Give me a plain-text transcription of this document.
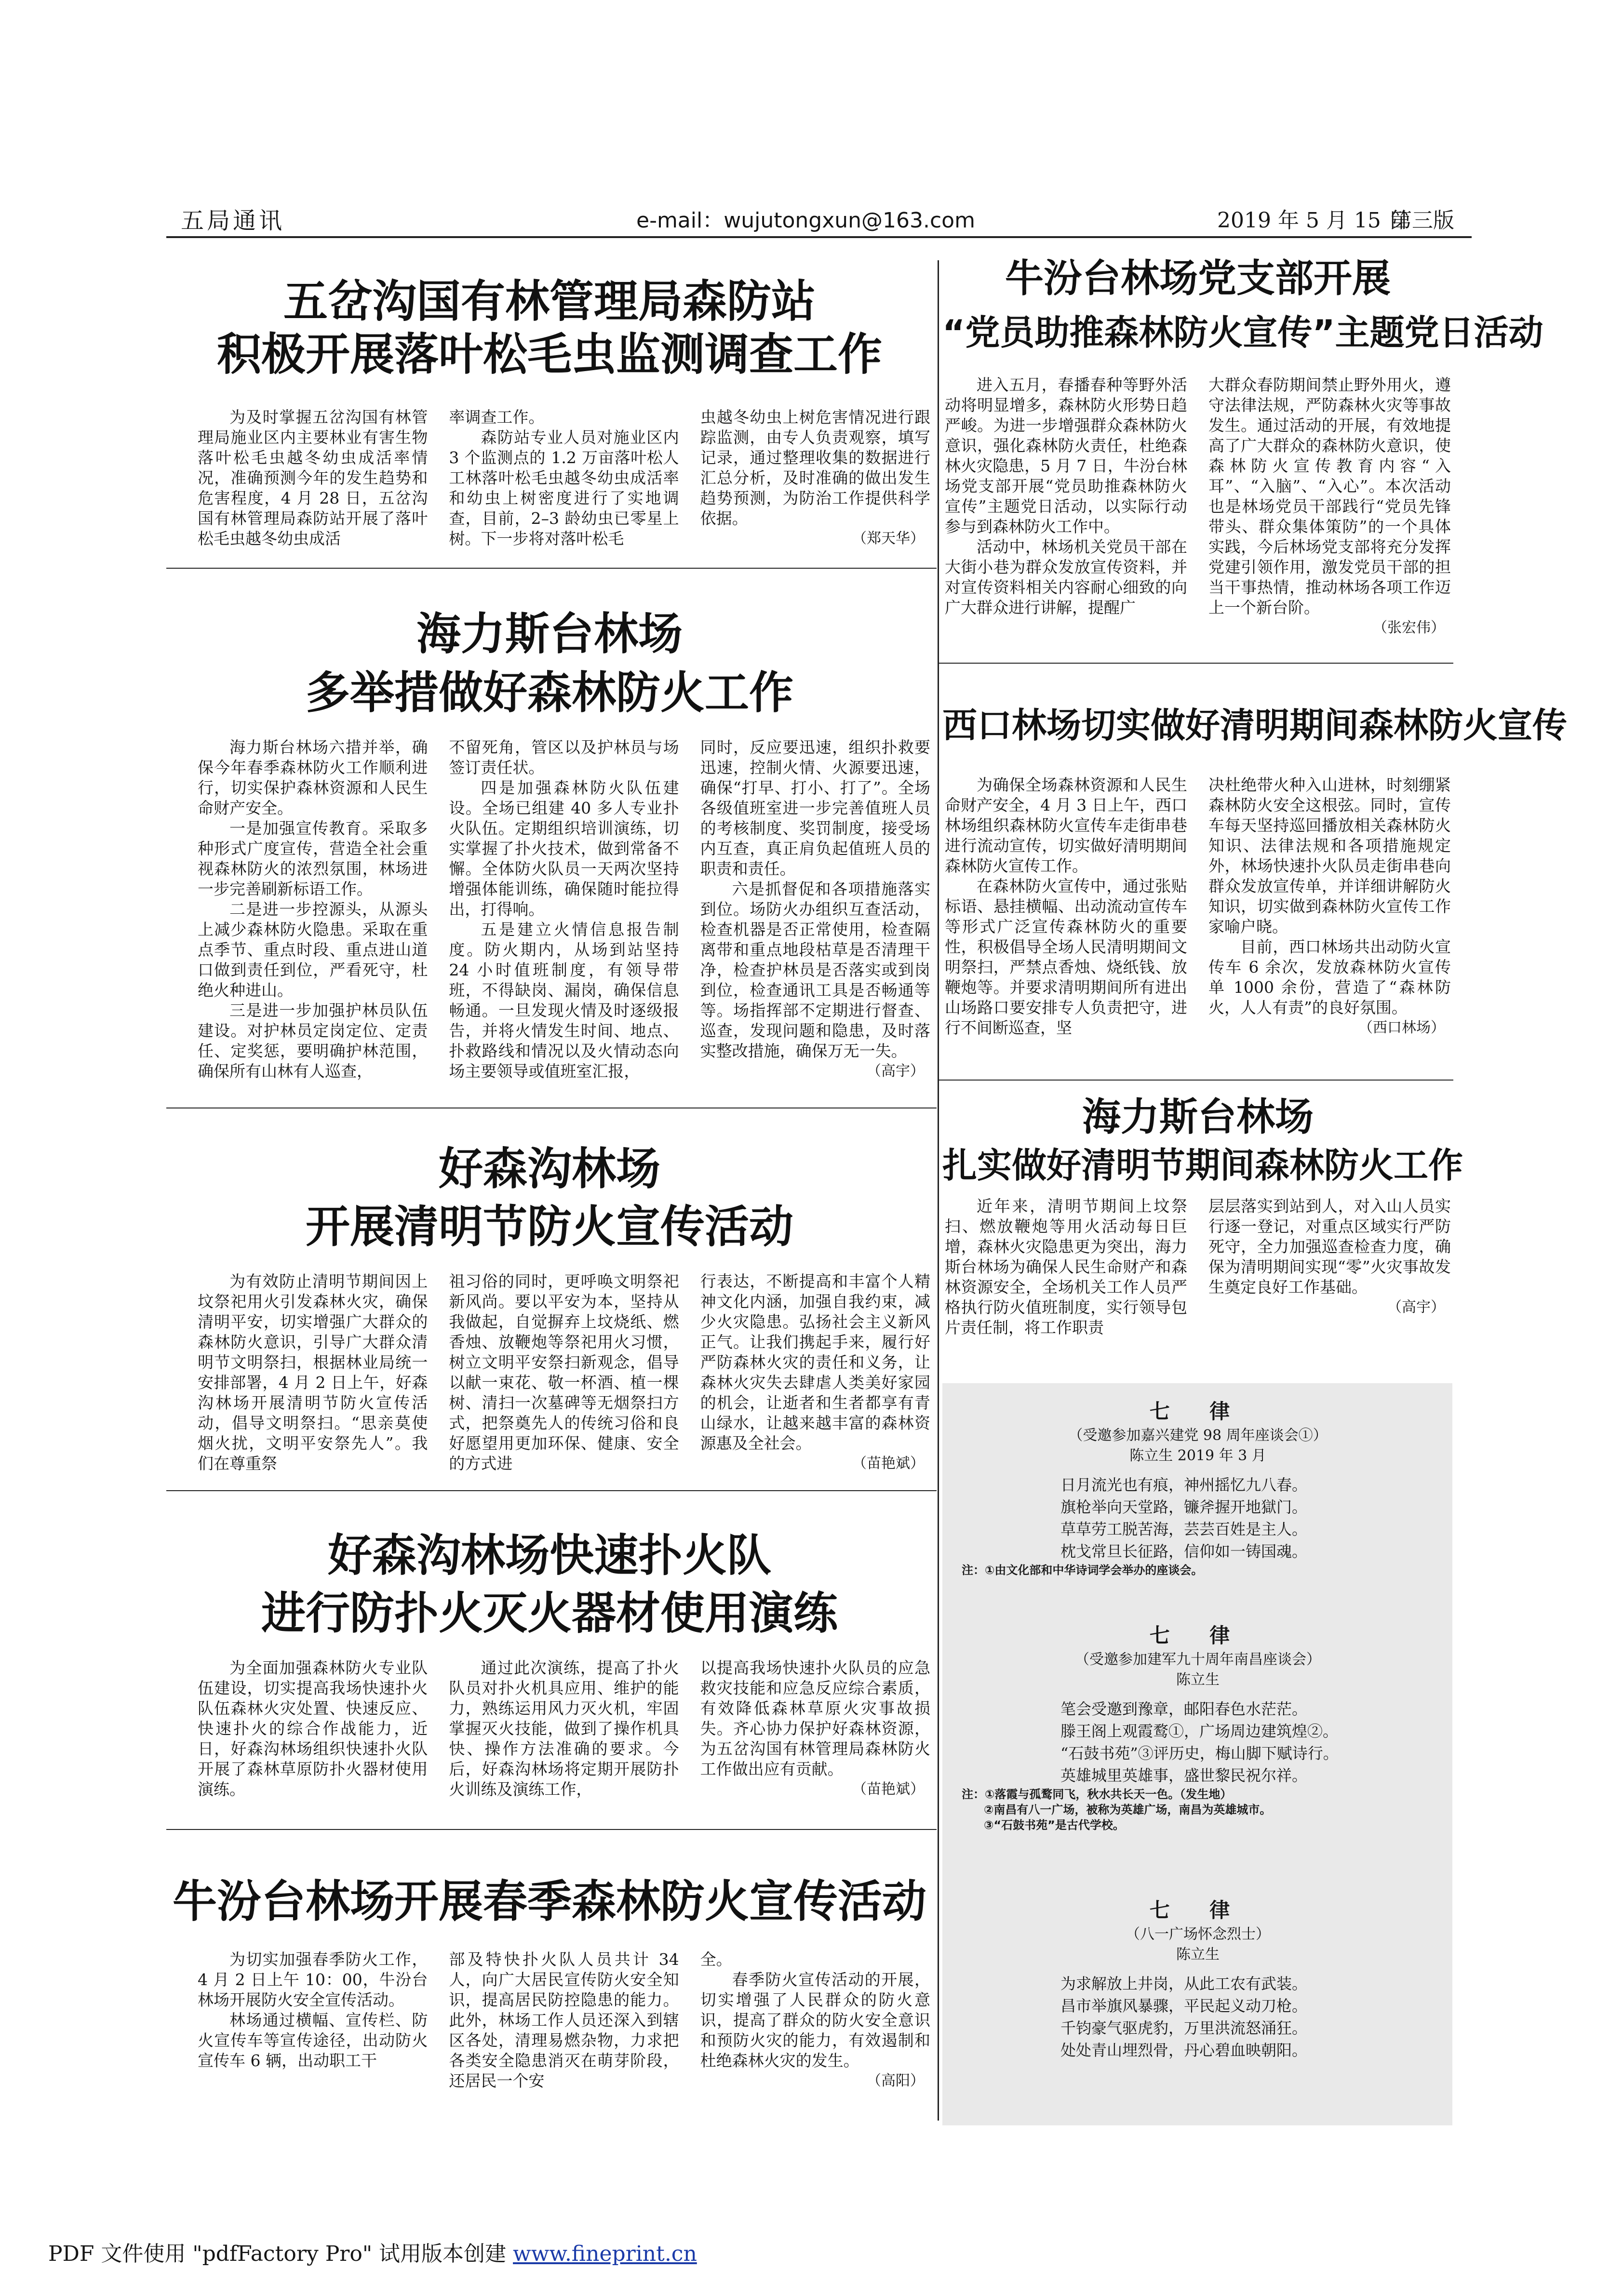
五局通讯	e-mail：wujutongxun@163.com	2019 年 5 月 15 日
第三版
五岔沟国有林管理局森防站
积极开展落叶松毛虫监测调查工作

为及时掌握五岔沟国有林管理局施业区内主要林业有害生物落叶松毛虫越冬幼虫成活率情况，准确预测今年的发生趋势和危害程度，4 月 28 日，五岔沟国有林管理局森防站开展了落叶松毛虫越冬幼虫成活

率调查工作。

森防站专业人员对施业区内 3 个监测点的 1.2 万亩落叶松人工林落叶松毛虫越冬幼虫成活率和幼虫上树密度进行了实地调查，目前，2–3 龄幼虫已零星上树。下一步将对落叶松毛

虫越冬幼虫上树危害情况进行跟踪监测，由专人负责观察，填写记录，通过整理收集的数据进行汇总分析，及时准确的做出发生趋势预测，为防治工作提供科学依据。
（郑天华）
海力斯台林场
多举措做好森林防火工作

海力斯台林场六措并举，确保今年春季森林防火工作顺利进行，切实保护森林资源和人民生命财产安全。

一是加强宣传教育。采取多种形式广度宣传，营造全社会重视森林防火的浓烈氛围，林场进一步完善刷新标语工作。

二是进一步控源头，从源头上减少森林防火隐患。采取在重点季节、重点时段、重点进山道口做到责任到位，严看死守，杜绝火种进山。

三是进一步加强护林员队伍建设。对护林员定岗定位、定责任、定奖惩，要明确护林范围，确保所有山林有人巡查，

不留死角，管区以及护林员与场签订责任状。

四是加强森林防火队伍建设。全场已组建 40 多人专业扑火队伍。定期组织培训演练，切实掌握了扑火技术，做到常备不懈。全体防火队员一天两次坚持增强体能训练，确保随时能拉得出，打得响。

五是建立火情信息报告制度。防火期内，从场到站坚持 24 小时值班制度，有领导带班，不得缺岗、漏岗，确保信息畅通。一旦发现火情及时逐级报告，并将火情发生时间、地点、扑救路线和情况以及火情动态向场主要领导或值班室汇报，

同时，反应要迅速，组织扑救要迅速，控制火情、火源要迅速，确保“打早、打小、打了”。全场各级值班室进一步完善值班人员的考核制度、奖罚制度，接受场内互查，真正肩负起值班人员的职责和责任。

六是抓督促和各项措施落实到位。场防火办组织互查活动，检查机器是否正常使用，检查隔离带和重点地段枯草是否清理干净，检查护林员是否落实或到岗到位，检查通讯工具是否畅通等等。场指挥部不定期进行督查、巡查，发现问题和隐患，及时落实整改措施，确保万无一失。

（高宇）
好森沟林场
开展清明节防火宣传活动

为有效防止清明节期间因上坟祭祀用火引发森林火灾，确保清明平安，切实增强广大群众的森林防火意识，引导广大群众清明节文明祭扫，根据林业局统一安排部署，4 月 2 日上午，好森沟林场开展清明节防火宣传活动，倡导文明祭扫。“思亲莫使烟火扰，文明平安祭先人”。我们在尊重祭

祖习俗的同时，更呼唤文明祭祀新风尚。要以平安为本，坚持从我做起，自觉摒弃上坟烧纸、燃香烛、放鞭炮等祭祀用火习惯，树立文明平安祭扫新观念，倡导以献一束花、敬一杯酒、植一棵树、清扫一次墓碑等无烟祭扫方式，把祭奠先人的传统习俗和良好愿望用更加环保、健康、安全的方式进
行表达，不断提高和丰富个人精神文化内涵，加强自我约束，减少火灾隐患。弘扬社会主义新风正气。让我们携起手来，履行好严防森林火灾的责任和义务，让森林火灾失去肆虐人类美好家园的机会，让逝者和生者都享有青山绿水，让越来越丰富的森林资源惠及全社会。
（苗艳斌）
好森沟林场快速扑火队
进行防扑火灭火器材使用演练

为全面加强森林防火专业队伍建设，切实提高我场快速扑火队伍森林火灾处置、快速反应、快速扑火的综合作战能力，近日，好森沟林场组织快速扑火队开展了森林草原防扑火器材使用演练。

通过此次演练，提高了扑火队员对扑火机具应用、维护的能力，熟练运用风力灭火机，牢固掌握灭火技能，做到了操作机具快、操作方法准确的要求。今后，好森沟林场将定期开展防扑火训练及演练工作，

以提高我场快速扑火队员的应急救灾技能和应急反应综合素质，有效降低森林草原火灾事故损失。齐心协力保护好森林资源，为五岔沟国有林管理局森林防火工作做出应有贡献。
（苗艳斌）
牛汾台林场开展春季森林防火宣传活动

为切实加强春季防火工作，4 月 2 日上午 10：00，牛汾台林场开展防火安全宣传活动。

林场通过横幅、宣传栏、防火宣传车等宣传途径，出动防火宣传车 6 辆，出动职工干

部及特快扑火队人员共计 34 人，向广大居民宣传防火安全知识，提高居民防控隐患的能力。此外，林场工作人员还深入到辖区各处，清理易燃杂物，力求把各类安全隐患消灭在萌芽阶段，还居民一个安
全。

春季防火宣传活动的开展，切实增强了人民群众的防火意识，提高了群众的防火安全意识和预防火灾的能力，有效遏制和杜绝森林火灾的发生。

（高阳）
牛汾台林场党支部开展
“党员助推森林防火宣传”主题党日活动

进入五月，春播春种等野外活动将明显增多，森林防火形势日趋严峻。为进一步增强群众森林防火意识，强化森林防火责任，杜绝森林火灾隐患，5 月 7 日，牛汾台林场党支部开展“党员助推森林防火宣传”主题党日活动，以实际行动参与到森林防火工作中。

活动中，林场机关党员干部在大街小巷为群众发放宣传资料，并对宣传资料相关内容耐心细致的向广大群众进行讲解，提醒广

大群众春防期间禁止野外用火，遵守法律法规，严防森林火灾等事故发生。通过活动的开展，有效地提高了广大群众的森林防火意识，使森林防火宣传教育内容“入耳”、“入脑”、“入心”。本次活动也是林场党员干部践行“党员先锋带头、群众集体策防”的一个具体实践，今后林场党支部将充分发挥党建引领作用，激发党员干部的担当干事热情，推动林场各项工作迈上一个新台阶。
（张宏伟）
西口林场切实做好清明期间森林防火宣传

为确保全场森林资源和人民生命财产安全，4 月 3 日上午，西口林场组织森林防火宣传车走街串巷进行流动宣传，切实做好清明期间森林防火宣传工作。

在森林防火宣传中，通过张贴标语、悬挂横幅、出动流动宣传车等形式广泛宣传森林防火的重要性，积极倡导全场人民清明期间文明祭扫，严禁点香烛、烧纸钱、放鞭炮等。并要求清明期间所有进出山场路口要安排专人负责把守，进行不间断巡查，坚

决杜绝带火种入山进林，时刻绷紧森林防火安全这根弦。同时，宣传车每天坚持巡回播放相关森林防火知识、法律法规和各项措施规定外，林场快速扑火队员走街串巷向群众发放宣传单，并详细讲解防火知识，切实做到森林防火宣传工作家喻户晓。

目前，西口林场共出动防火宣传车 6 余次，发放森林防火宣传单 1000 余份，营造了“森林防火，人人有责”的良好氛围。

（西口林场）
海力斯台林场
扎实做好清明节期间森林防火工作

近年来，清明节期间上坟祭扫、燃放鞭炮等用火活动每日巨增，森林火灾隐患更为突出，海力斯台林场为确保人民生命财产和森林资源安全，全场机关工作人员严格执行防火值班制度，实行领导包片责任制，将工作职责

层层落实到站到人，对入山人员实行逐一登记，对重点区域实行严防死守，全力加强巡查检查力度，确保为清明期间实现“零”火灾事故发生奠定良好工作基础。
（高宇）
七 律
（受邀参加嘉兴建党 98 周年座谈会①）
陈立生 2019 年 3 月
日月流光也有痕，神州摇忆九八春。
旗枪举向天堂路，镰斧握开地獄门。
草草劳工脱苦海，芸芸百姓是主人。
枕戈常旦长征路，信仰如一铸国魂。
注：①由文化部和中华诗词学会举办的座谈会。
七 律
（受邀参加建军九十周年南昌座谈会）
陈立生
笔会受邀到豫章，邮阳春色水茫茫。
滕王阁上观霞鹜①，广场周边建筑煌②。
“石鼓书苑”③评历史，梅山脚下赋诗行。
英雄城里英雄事，盛世黎民祝尔祥。
注：①落霞与孤鹜同飞，秋水共长天一色。（发生地）
②南昌有八一广场，被称为英雄广场，南昌为英雄城市。
③“石鼓书苑”是古代学校。
七 律
（八一广场怀念烈士）
陈立生
为求解放上井岗，从此工农有武装。
昌市举旗风暴骤，平民起义动刀枪。
千钧豪气驱虎豹，万里洪流怒涌狂。
处处青山埋烈骨，丹心碧血映朝阳。
PDF 文件使用 "pdfFactory Pro" 试用版本创建 www.fineprint.cn
